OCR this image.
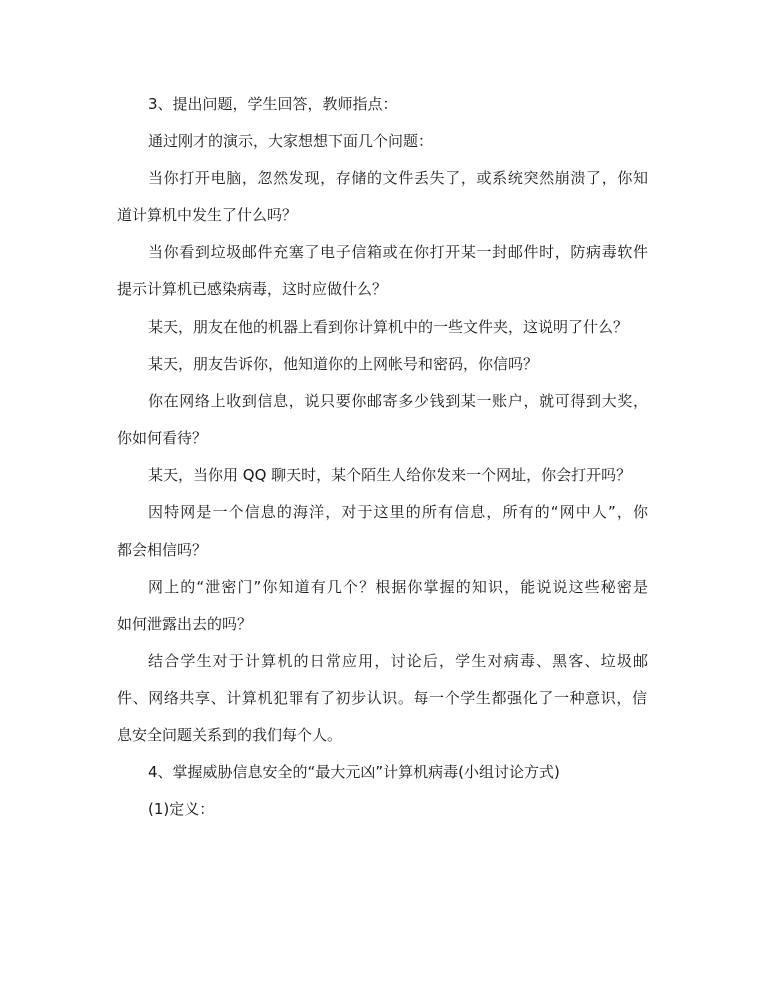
3、提出问题，学生回答，教师指点：
通过刚才的演示，大家想想下面几个问题：
当你打开电脑，忽然发现，存储的文件丢失了，或系统突然崩溃了，你知
道计算机中发生了什么吗？
当你看到垃圾邮件充塞了电子信箱或在你打开某一封邮件时，防病毒软件
提示计算机已感染病毒，这时应做什么？
某天，朋友在他的机器上看到你计算机中的一些文件夹，这说明了什么？
某天，朋友告诉你，他知道你的上网帐号和密码，你信吗？
你在网络上收到信息，说只要你邮寄多少钱到某一账户，就可得到大奖，
你如何看待？
某天，当你用 QQ 聊天时，某个陌生人给你发来一个网址，你会打开吗？
因特网是一个信息的海洋，对于这里的所有信息，所有的“网中人”，你
都会相信吗？
网上的“泄密门”你知道有几个？根据你掌握的知识，能说说这些秘密是
如何泄露出去的吗？
结合学生对于计算机的日常应用，讨论后，学生对病毒、黑客、垃圾邮
件、网络共享、计算机犯罪有了初步认识。每一个学生都强化了一种意识，信
息安全问题关系到的我们每个人。
4、掌握威胁信息安全的“最大元凶”计算机病毒(小组讨论方式)
(1)定义：
